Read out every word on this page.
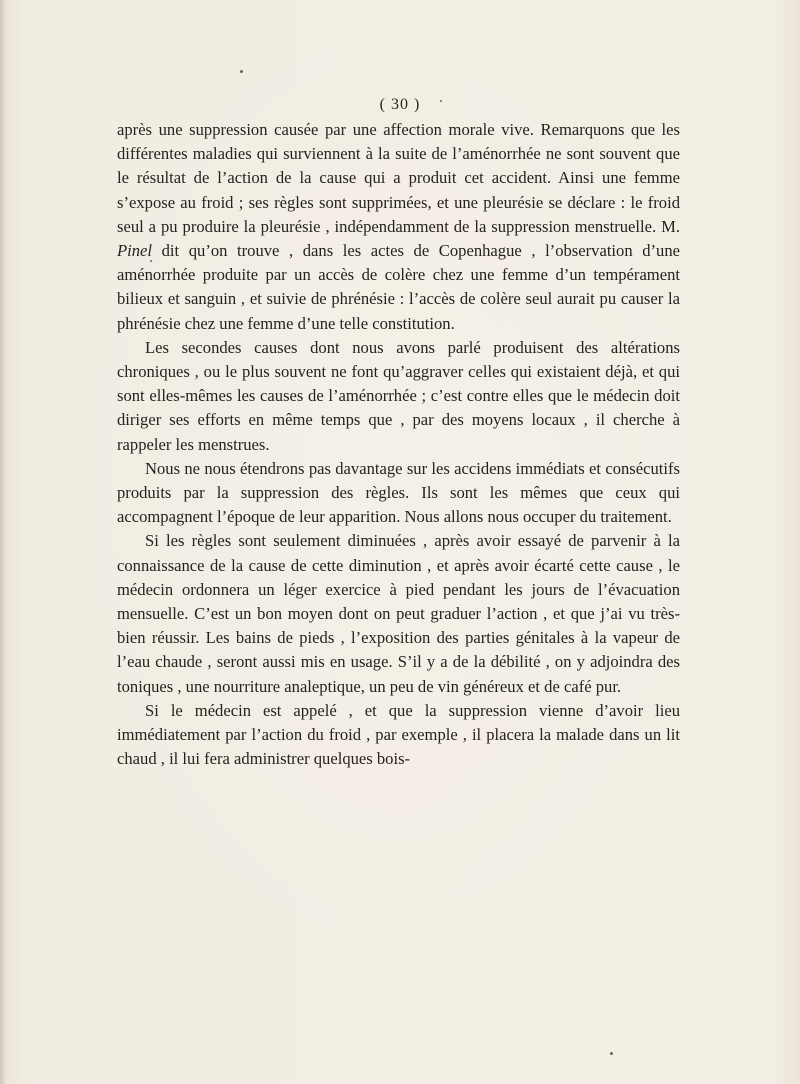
( 30 )

après une suppression causée par une affection morale vive. Remarquons que les différentes maladies qui surviennent à la suite de l’aménorrhée ne sont souvent que le résultat de l’action de la cause qui a produit cet accident. Ainsi une femme s’expose au froid ; ses règles sont supprimées, et une pleurésie se déclare : le froid seul a pu produire la pleurésie , indépendamment de la suppression menstruelle. M. Pinel dit qu’on trouve , dans les actes de Copenhague , l’observation d’une aménorrhée produite par un accès de colère chez une femme d’un tempérament bilieux et sanguin , et suivie de phrénésie : l’accès de colère seul aurait pu causer la phrénésie chez une femme d’une telle constitution.

Les secondes causes dont nous avons parlé produisent des altérations chroniques , ou le plus souvent ne font qu’aggraver celles qui existaient déjà, et qui sont elles-mêmes les causes de l’aménorrhée ; c’est contre elles que le médecin doit diriger ses efforts en même temps que , par des moyens locaux , il cherche à rappeler les menstrues.

Nous ne nous étendrons pas davantage sur les accidens immédiats et consécutifs produits par la suppression des règles. Ils sont les mêmes que ceux qui accompagnent l’époque de leur apparition. Nous allons nous occuper du traitement.

Si les règles sont seulement diminuées , après avoir essayé de parvenir à la connaissance de la cause de cette diminution , et après avoir écarté cette cause , le médecin ordonnera un léger exercice à pied pendant les jours de l’évacuation mensuelle. C’est un bon moyen dont on peut graduer l’action , et que j’ai vu très-bien réussir. Les bains de pieds , l’exposition des parties génitales à la vapeur de l’eau chaude , seront aussi mis en usage. S’il y a de la débilité , on y adjoindra des toniques , une nourriture analeptique, un peu de vin généreux et de café pur.

Si le médecin est appelé , et que la suppression vienne d’avoir lieu immédiatement par l’action du froid , par exemple , il placera la malade dans un lit chaud , il lui fera administrer quelques bois-
